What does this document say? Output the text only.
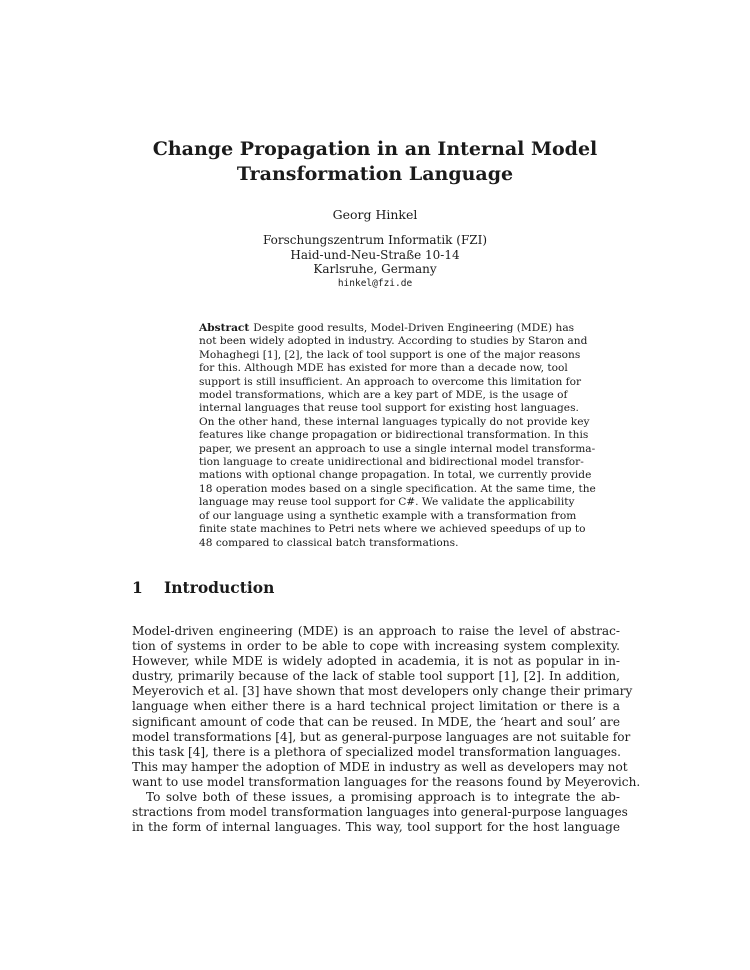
Change Propagation in an Internal Model
Transformation Language
Georg Hinkel
Forschungszentrum Informatik (FZI)
Haid-und-Neu-Straße 10-14
Karlsruhe, Germany
hinkel@fzi.de
Abstract Despite good results, Model-Driven Engineering (MDE) has
not been widely adopted in industry. According to studies by Staron and
Mohaghegi [1], [2], the lack of tool support is one of the major reasons
for this. Although MDE has existed for more than a decade now, tool
support is still insufficient. An approach to overcome this limitation for
model transformations, which are a key part of MDE, is the usage of
internal languages that reuse tool support for existing host languages.
On the other hand, these internal languages typically do not provide key
features like change propagation or bidirectional transformation. In this
paper, we present an approach to use a single internal model transforma-
tion language to create unidirectional and bidirectional model transfor-
mations with optional change propagation. In total, we currently provide
18 operation modes based on a single specification. At the same time, the
language may reuse tool support for C#. We validate the applicability
of our language using a synthetic example with a transformation from
finite state machines to Petri nets where we achieved speedups of up to
48 compared to classical batch transformations.
1 Introduction
Model-driven engineering (MDE) is an approach to raise the level of abstrac-
tion of systems in order to be able to cope with increasing system complexity.
However, while MDE is widely adopted in academia, it is not as popular in in-
dustry, primarily because of the lack of stable tool support [1], [2]. In addition,
Meyerovich et al. [3] have shown that most developers only change their primary
language when either there is a hard technical project limitation or there is a
significant amount of code that can be reused. In MDE, the ‘heart and soul’ are
model transformations [4], but as general-purpose languages are not suitable for
this task [4], there is a plethora of specialized model transformation languages.
This may hamper the adoption of MDE in industry as well as developers may not
want to use model transformation languages for the reasons found by Meyerovich.
To solve both of these issues, a promising approach is to integrate the ab-
stractions from model transformation languages into general-purpose languages
in the form of internal languages. This way, tool support for the host language
